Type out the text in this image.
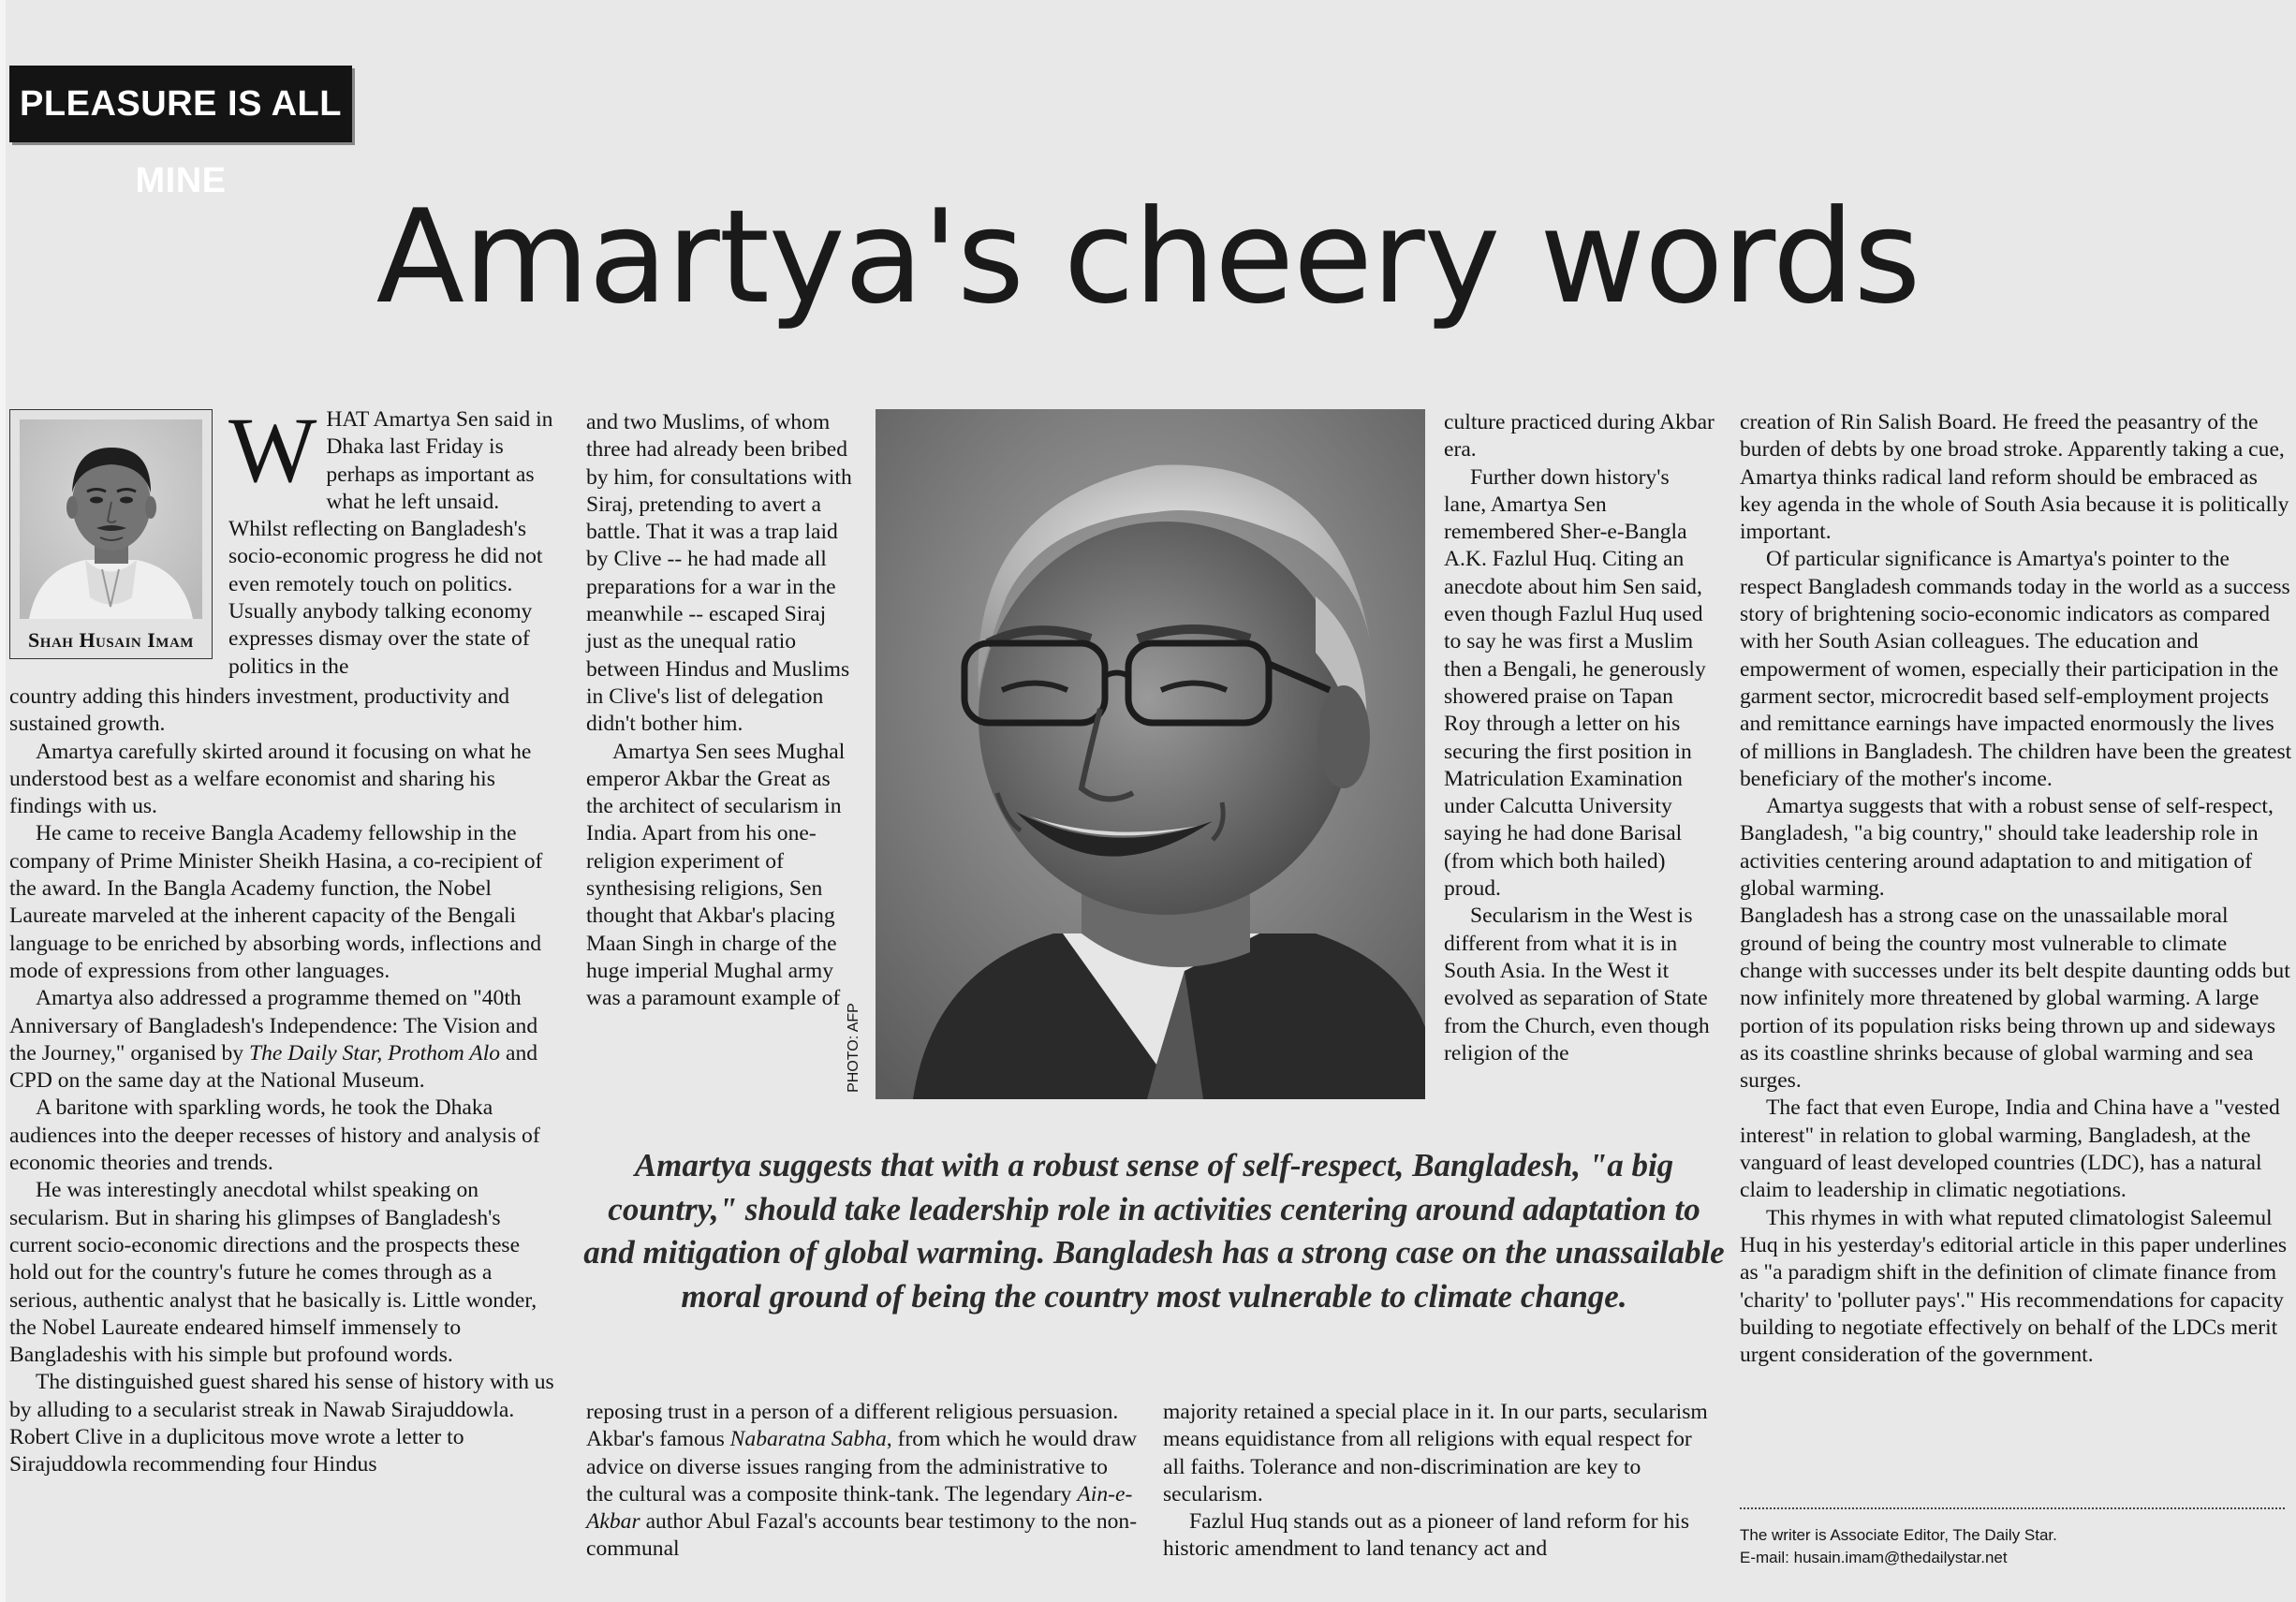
PLEASURE IS ALL MINE
Amartya's cheery words
Shah Husain Imam

WHAT Amartya Sen said in Dhaka last Friday is perhaps as important as what he left unsaid. Whilst reflecting on Bangladesh's socio-economic progress he did not even remotely touch on politics. Usually anybody talking economy expresses dismay over the state of politics in the

country adding this hinders investment, productivity and sustained growth.

Amartya carefully skirted around it focusing on what he understood best as a welfare economist and sharing his findings with us.

He came to receive Bangla Academy fellowship in the company of Prime Minister Sheikh Hasina, a co-recipient of the award. In the Bangla Academy function, the Nobel Laureate marveled at the inherent capacity of the Bengali language to be enriched by absorbing words, inflections and mode of expressions from other languages.

Amartya also addressed a programme themed on "40th Anniversary of Bangladesh's Independence: The Vision and the Journey," organised by The Daily Star, Prothom Alo and CPD on the same day at the National Museum.

A baritone with sparkling words, he took the Dhaka audiences into the deeper recesses of history and analysis of economic theories and trends.

He was interestingly anecdotal whilst speaking on secularism. But in sharing his glimpses of Bangladesh's current socio-economic directions and the prospects these hold out for the country's future he comes through as a serious, authentic analyst that he basically is. Little wonder, the Nobel Laureate endeared himself immensely to Bangladeshis with his simple but profound words.

The distinguished guest shared his sense of history with us by alluding to a secularist streak in Nawab Sirajuddowla. Robert Clive in a duplicitous move wrote a letter to Sirajuddowla recommending four Hindus

and two Muslims, of whom three had already been bribed by him, for consultations with Siraj, pretending to avert a battle. That it was a trap laid by Clive -- he had made all preparations for a war in the meanwhile -- escaped Siraj just as the unequal ratio between Hindus and Muslims in Clive's list of delegation didn't bother him.

Amartya Sen sees Mughal emperor Akbar the Great as the architect of secularism in India. Apart from his one-religion experiment of synthesising religions, Sen thought that Akbar's placing Maan Singh in charge of the huge imperial Mughal army was a paramount example of

PHOTO: AFP

culture practiced during Akbar era.

Further down history's lane, Amartya Sen remembered Sher-e-Bangla A.K. Fazlul Huq. Citing an anecdote about him Sen said, even though Fazlul Huq used to say he was first a Muslim then a Bengali, he generously showered praise on Tapan Roy through a letter on his securing the first position in Matriculation Examination under Calcutta University saying he had done Barisal (from which both hailed) proud.

Secularism in the West is different from what it is in South Asia. In the West it evolved as separation of State from the Church, even though religion of the

creation of Rin Salish Board. He freed the peasantry of the burden of debts by one broad stroke. Apparently taking a cue, Amartya thinks radical land reform should be embraced as key agenda in the whole of South Asia because it is politically important.

Of particular significance is Amartya's pointer to the respect Bangladesh commands today in the world as a success story of brightening socio-economic indicators as compared with her South Asian colleagues. The education and empowerment of women, especially their participation in the garment sector, microcredit based self-employment projects and remittance earnings have impacted enormously the lives of millions in Bangladesh. The children have been the greatest beneficiary of the mother's income.

Amartya suggests that with a robust sense of self-respect, Bangladesh, "a big country," should take leadership role in activities centering around adaptation to and mitigation of global warming.

Bangladesh has a strong case on the unassailable moral ground of being the country most vulnerable to climate change with successes under its belt despite daunting odds but now infinitely more threatened by global warming. A large portion of its population risks being thrown up and sideways as its coastline shrinks because of global warming and sea surges.

The fact that even Europe, India and China have a "vested interest" in relation to global warming, Bangladesh, at the vanguard of least developed countries (LDC), has a natural claim to leadership in climatic negotiations.

This rhymes in with what reputed climatologist Saleemul Huq in his yesterday's editorial article in this paper underlines as "a paradigm shift in the definition of climate finance from 'charity' to 'polluter pays'." His recommendations for capacity building to negotiate effectively on behalf of the LDCs merit urgent consideration of the government.

Amartya suggests that with a robust sense of self-respect, Bangladesh, "a big country," should take leadership role in activities centering around adaptation to and mitigation of global warming. Bangladesh has a strong case on the unassailable moral ground of being the country most vulnerable to climate change.

reposing trust in a person of a different religious persuasion. Akbar's famous Nabaratna Sabha, from which he would draw advice on diverse issues ranging from the administrative to the cultural was a composite think-tank. The legendary Ain-e-Akbar author Abul Fazal's accounts bear testimony to the non-communal

majority retained a special place in it. In our parts, secularism means equidistance from all religions with equal respect for all faiths. Tolerance and non-discrimination are key to secularism.

Fazlul Huq stands out as a pioneer of land reform for his historic amendment to land tenancy act and

The writer is Associate Editor, The Daily Star.
E-mail: husain.imam@thedailystar.net
